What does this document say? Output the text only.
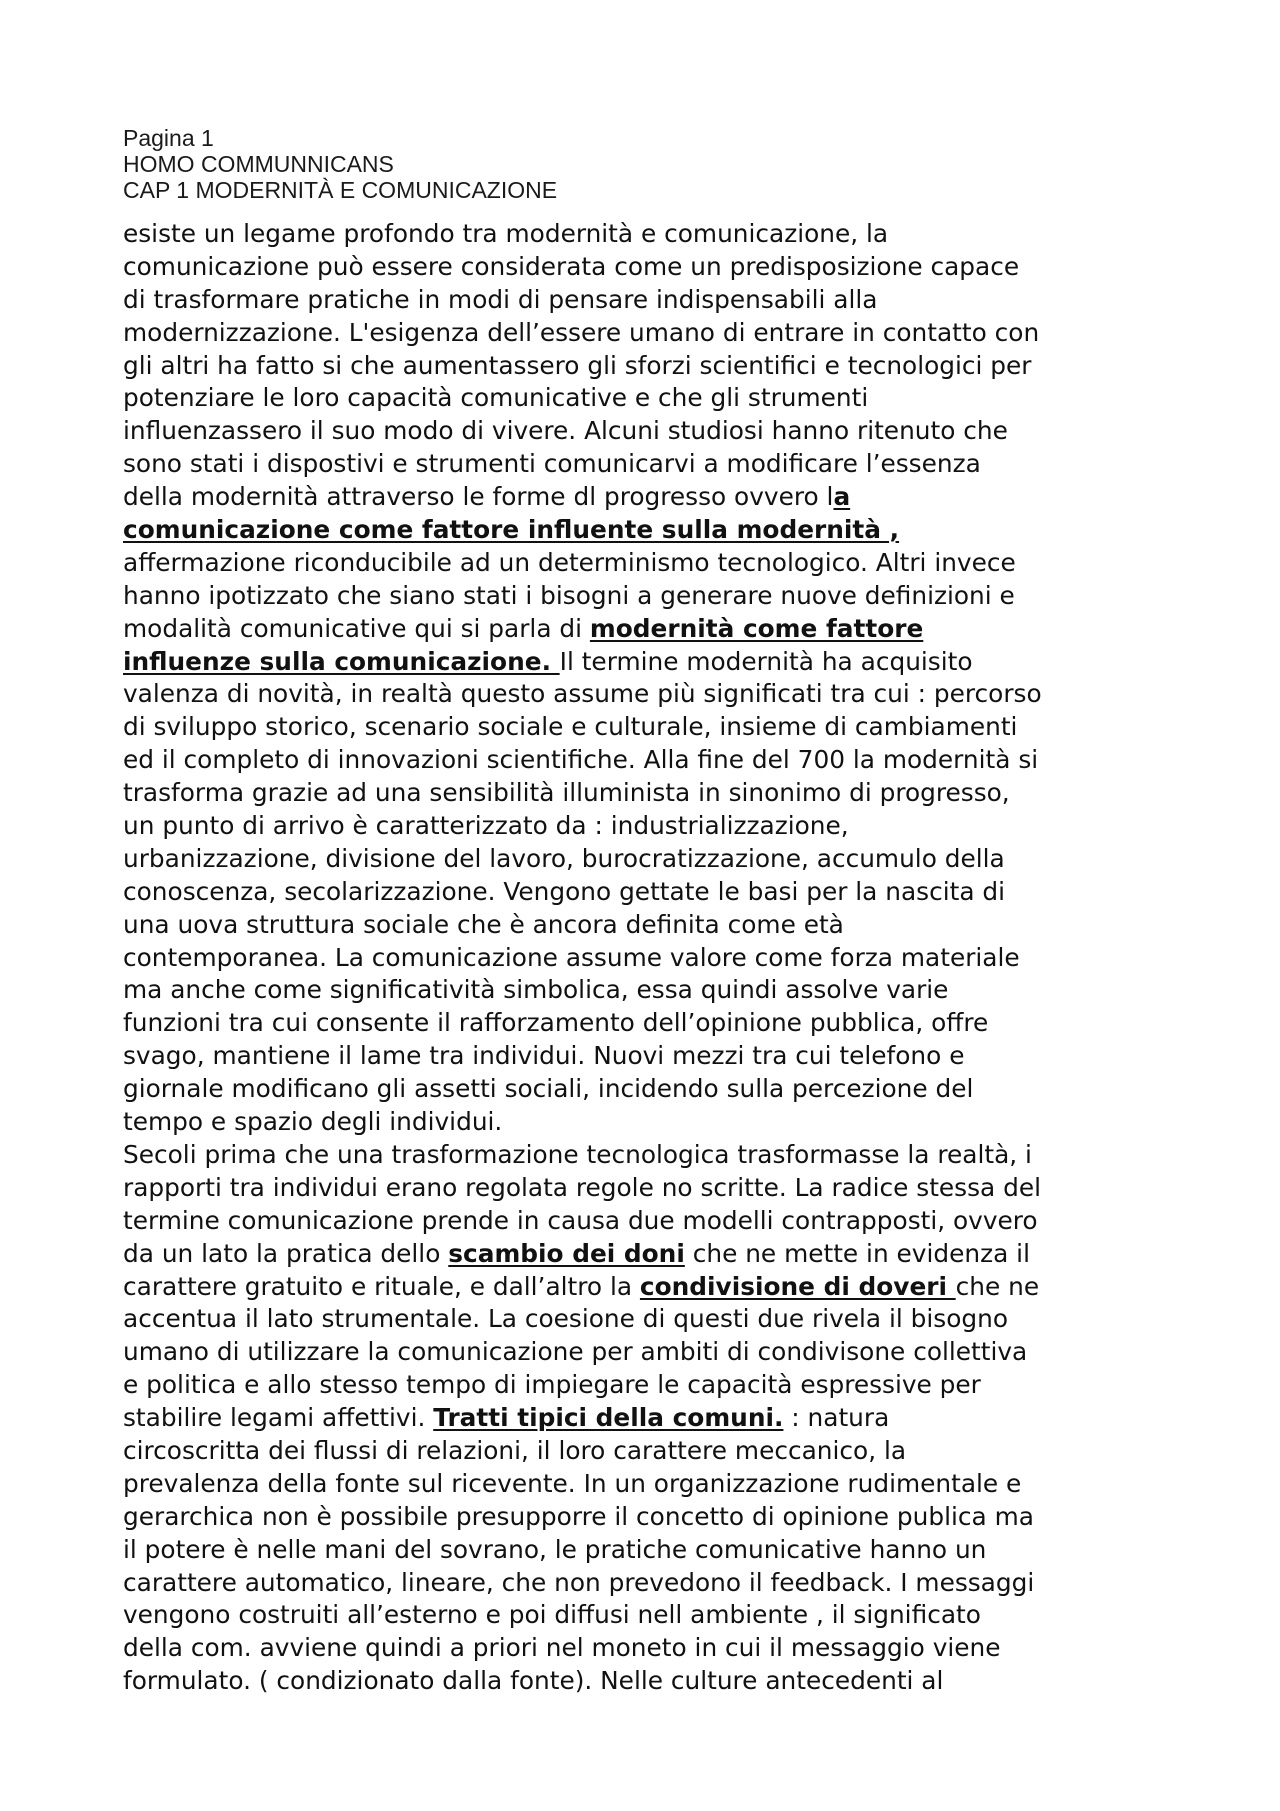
Pagina 1
HOMO COMMUNNICANS
CAP 1 MODERNITÀ E COMUNICAZIONE
esiste un legame profondo tra modernità e comunicazione, la
comunicazione può essere considerata come un predisposizione capace
di trasformare pratiche in modi di pensare indispensabili alla
modernizzazione. L'esigenza dell’essere umano di entrare in contatto con
gli altri ha fatto si che aumentassero gli sforzi scientifici e tecnologici per
potenziare le loro capacità comunicative e che gli strumenti
influenzassero il suo modo di vivere. Alcuni studiosi hanno ritenuto che
sono stati i dispostivi e strumenti comunicarvi a modificare l’essenza
della modernità attraverso le forme dl progresso ovvero la
comunicazione come fattore influente sulla modernità ,
affermazione riconducibile ad un determinismo tecnologico. Altri invece
hanno ipotizzato che siano stati i bisogni a generare nuove definizioni e
modalità comunicative qui si parla di modernità come fattore
influenze sulla comunicazione. Il termine modernità ha acquisito
valenza di novità, in realtà questo assume più significati tra cui : percorso
di sviluppo storico, scenario sociale e culturale, insieme di cambiamenti
ed il completo di innovazioni scientifiche. Alla fine del 700 la modernità si
trasforma grazie ad una sensibilità illuminista in sinonimo di progresso,
un punto di arrivo è caratterizzato da : industrializzazione,
urbanizzazione, divisione del lavoro, burocratizzazione, accumulo della
conoscenza, secolarizzazione. Vengono gettate le basi per la nascita di
una uova struttura sociale che è ancora definita come età
contemporanea. La comunicazione assume valore come forza materiale
ma anche come significatività simbolica, essa quindi assolve varie
funzioni tra cui consente il rafforzamento dell’opinione pubblica, offre
svago, mantiene il lame tra individui. Nuovi mezzi tra cui telefono e
giornale modificano gli assetti sociali, incidendo sulla percezione del
tempo e spazio degli individui.
Secoli prima che una trasformazione tecnologica trasformasse la realtà, i
rapporti tra individui erano regolata regole no scritte. La radice stessa del
termine comunicazione prende in causa due modelli contrapposti, ovvero
da un lato la pratica dello scambio dei doni che ne mette in evidenza il
carattere gratuito e rituale, e dall’altro la condivisione di doveri che ne
accentua il lato strumentale. La coesione di questi due rivela il bisogno
umano di utilizzare la comunicazione per ambiti di condivisone collettiva
e politica e allo stesso tempo di impiegare le capacità espressive per
stabilire legami affettivi. Tratti tipici della comuni. : natura
circoscritta dei flussi di relazioni, il loro carattere meccanico, la
prevalenza della fonte sul ricevente. In un organizzazione rudimentale e
gerarchica non è possibile presupporre il concetto di opinione publica ma
il potere è nelle mani del sovrano, le pratiche comunicative hanno un
carattere automatico, lineare, che non prevedono il feedback. I messaggi
vengono costruiti all’esterno e poi diffusi nell ambiente , il significato
della com. avviene quindi a priori nel moneto in cui il messaggio viene
formulato. ( condizionato dalla fonte). Nelle culture antecedenti al
